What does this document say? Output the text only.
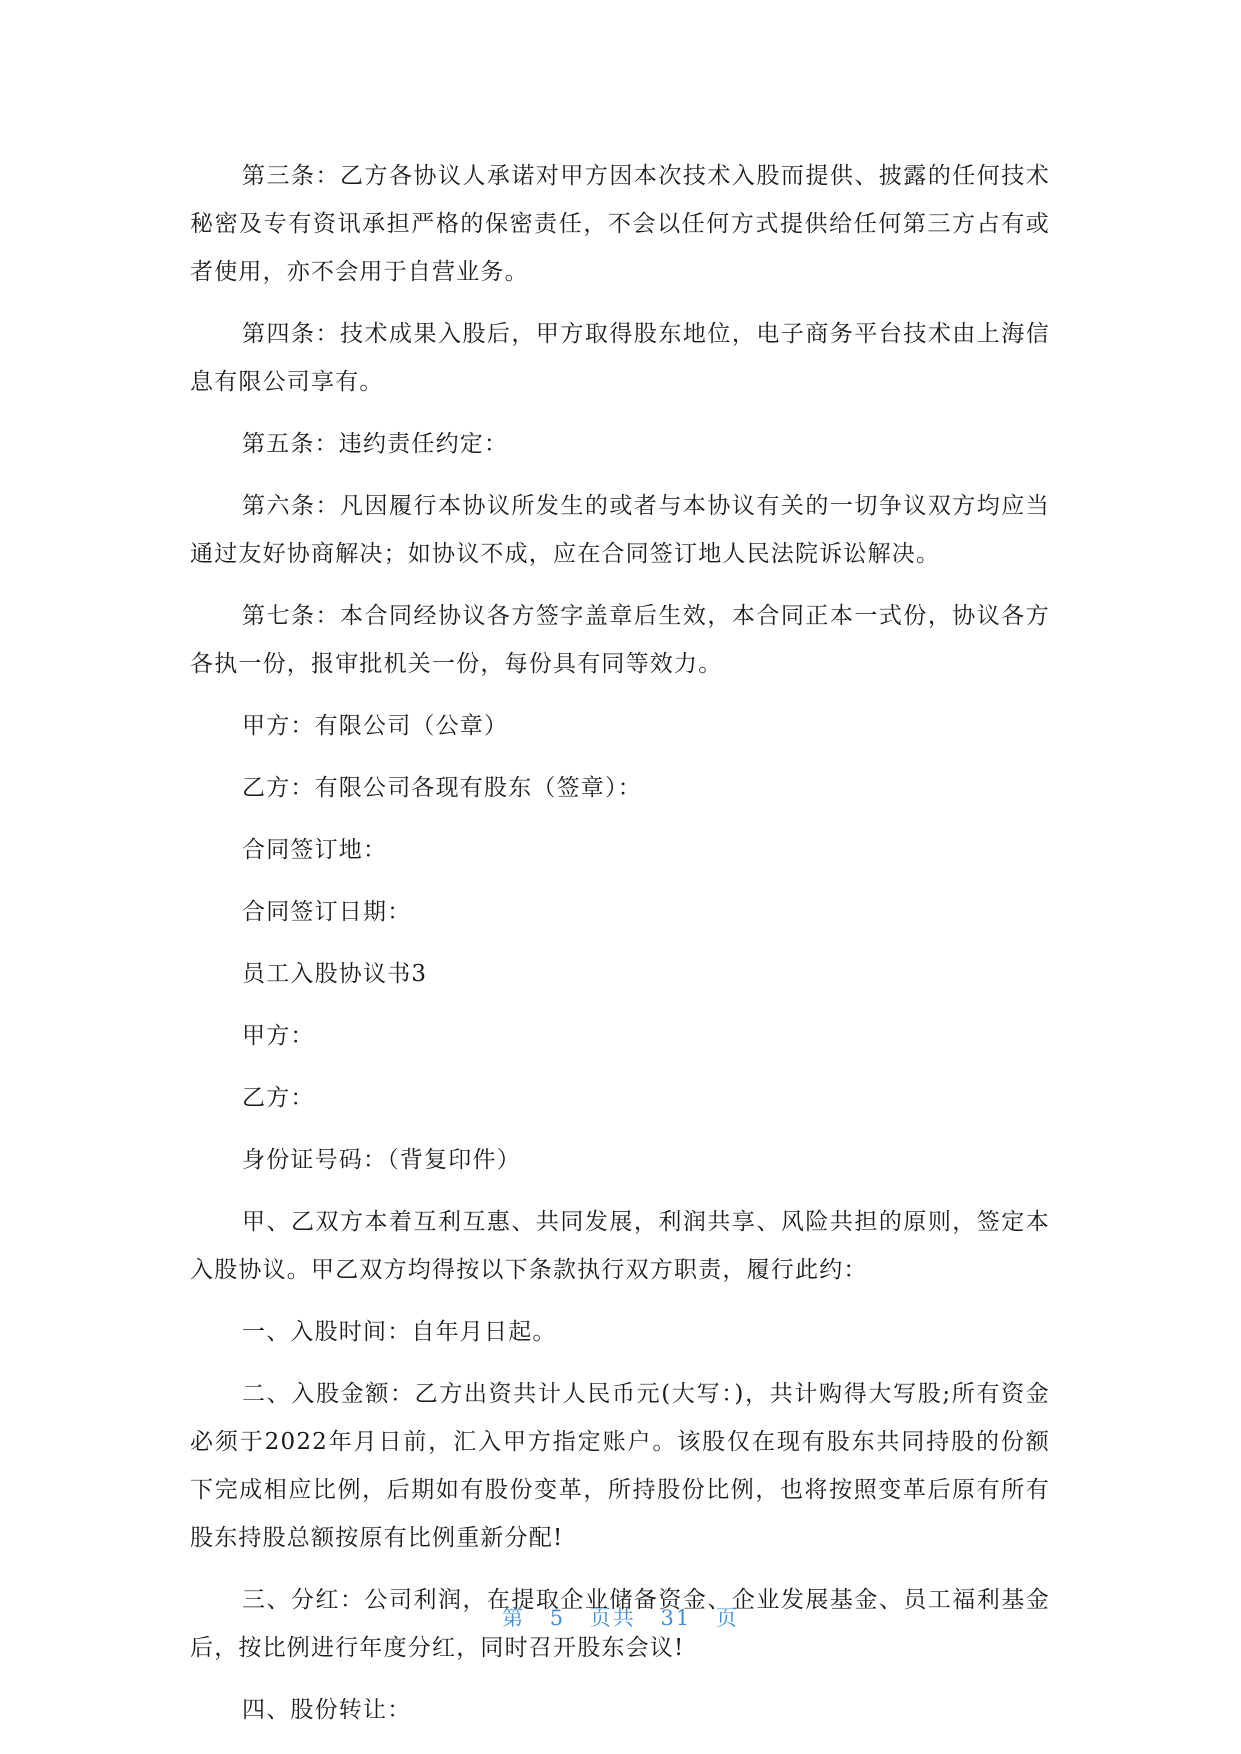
第三条：乙方各协议人承诺对甲方因本次技术入股而提供、披露的任何技术秘密及专有资讯承担严格的保密责任，不会以任何方式提供给任何第三方占有或者使用，亦不会用于自营业务。

第四条：技术成果入股后，甲方取得股东地位，电子商务平台技术由上海信息有限公司享有。

第五条：违约责任约定：

第六条：凡因履行本协议所发生的或者与本协议有关的一切争议双方均应当通过友好协商解决；如协议不成，应在合同签订地人民法院诉讼解决。

第七条：本合同经协议各方签字盖章后生效，本合同正本一式份，协议各方各执一份，报审批机关一份，每份具有同等效力。

甲方：有限公司（公章）

乙方：有限公司各现有股东（签章）：

合同签订地：

合同签订日期：

员工入股协议书3

甲方：

乙方：

身份证号码：（背复印件）

甲、乙双方本着互利互惠、共同发展，利润共享、风险共担的原则，签定本入股协议。甲乙双方均得按以下条款执行双方职责，履行此约：

一、入股时间：自年月日起。

二、入股金额：乙方出资共计人民币元(大写：)，共计购得大写股;所有资金必须于2022年月日前，汇入甲方指定账户。该股仅在现有股东共同持股的份额下完成相应比例，后期如有股份变革，所持股份比例，也将按照变革后原有所有股东持股总额按原有比例重新分配!

三、分红：公司利润，在提取企业储备资金、企业发展基金、员工福利基金后，按比例进行年度分红，同时召开股东会议!

四、股份转让：

第 5 页共 31 页
